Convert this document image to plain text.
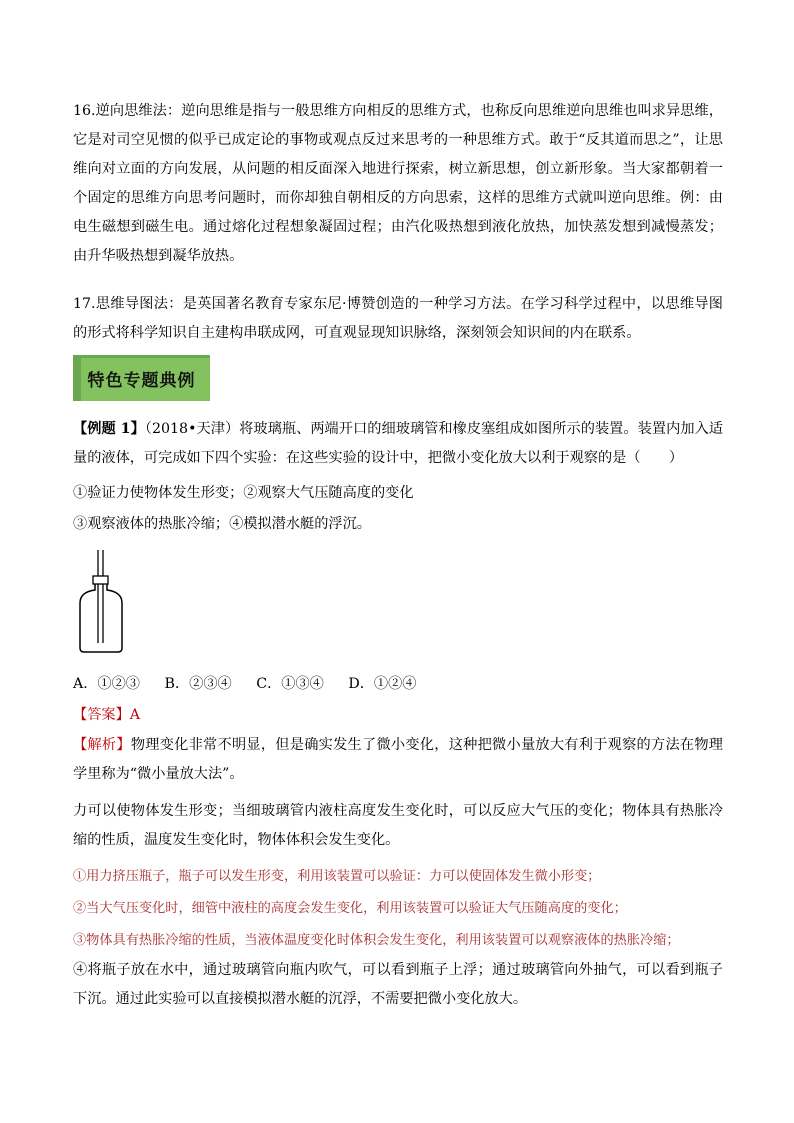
16.逆向思维法：逆向思维是指与一般思维方向相反的思维方式，也称反向思维逆向思维也叫求异思维，它是对司空见惯的似乎已成定论的事物或观点反过来思考的一种思维方式。敢于“反其道而思之”，让思维向对立面的方向发展，从问题的相反面深入地进行探索，树立新思想，创立新形象。当大家都朝着一个固定的思维方向思考问题时，而你却独自朝相反的方向思索，这样的思维方式就叫逆向思维。例：由电生磁想到磁生电。通过熔化过程想象凝固过程；由汽化吸热想到液化放热，加快蒸发想到减慢蒸发；由升华吸热想到凝华放热。

17.思维导图法：是英国著名教育专家东尼·博赞创造的一种学习方法。在学习科学过程中，以思维导图的形式将科学知识自主建构串联成网，可直观显现知识脉络，深刻领会知识间的内在联系。

特色专题典例

【例题 1】（2018•天津）将玻璃瓶、两端开口的细玻璃管和橡皮塞组成如图所示的装置。装置内加入适量的液体，可完成如下四个实验：在这些实验的设计中，把微小变化放大以利于观察的是（　　）

①验证力使物体发生形变；②观察大气压随高度的变化

③观察液体的热胀冷缩；④模拟潜水艇的浮沉。

A．①②③ B．②③④ C．①③④ D．①②④

【答案】A

【解析】物理变化非常不明显，但是确实发生了微小变化，这种把微小量放大有利于观察的方法在物理学里称为“微小量放大法”。

力可以使物体发生形变；当细玻璃管内液柱高度发生变化时，可以反应大气压的变化；物体具有热胀冷缩的性质，温度发生变化时，物体体积会发生变化。

①用力挤压瓶子，瓶子可以发生形变，利用该装置可以验证：力可以使固体发生微小形变；

②当大气压变化时，细管中液柱的高度会发生变化，利用该装置可以验证大气压随高度的变化；

③物体具有热胀冷缩的性质，当液体温度变化时体积会发生变化，利用该装置可以观察液体的热胀冷缩；

④将瓶子放在水中，通过玻璃管向瓶内吹气，可以看到瓶子上浮；通过玻璃管向外抽气，可以看到瓶子下沉。通过此实验可以直接模拟潜水艇的沉浮，不需要把微小变化放大。
